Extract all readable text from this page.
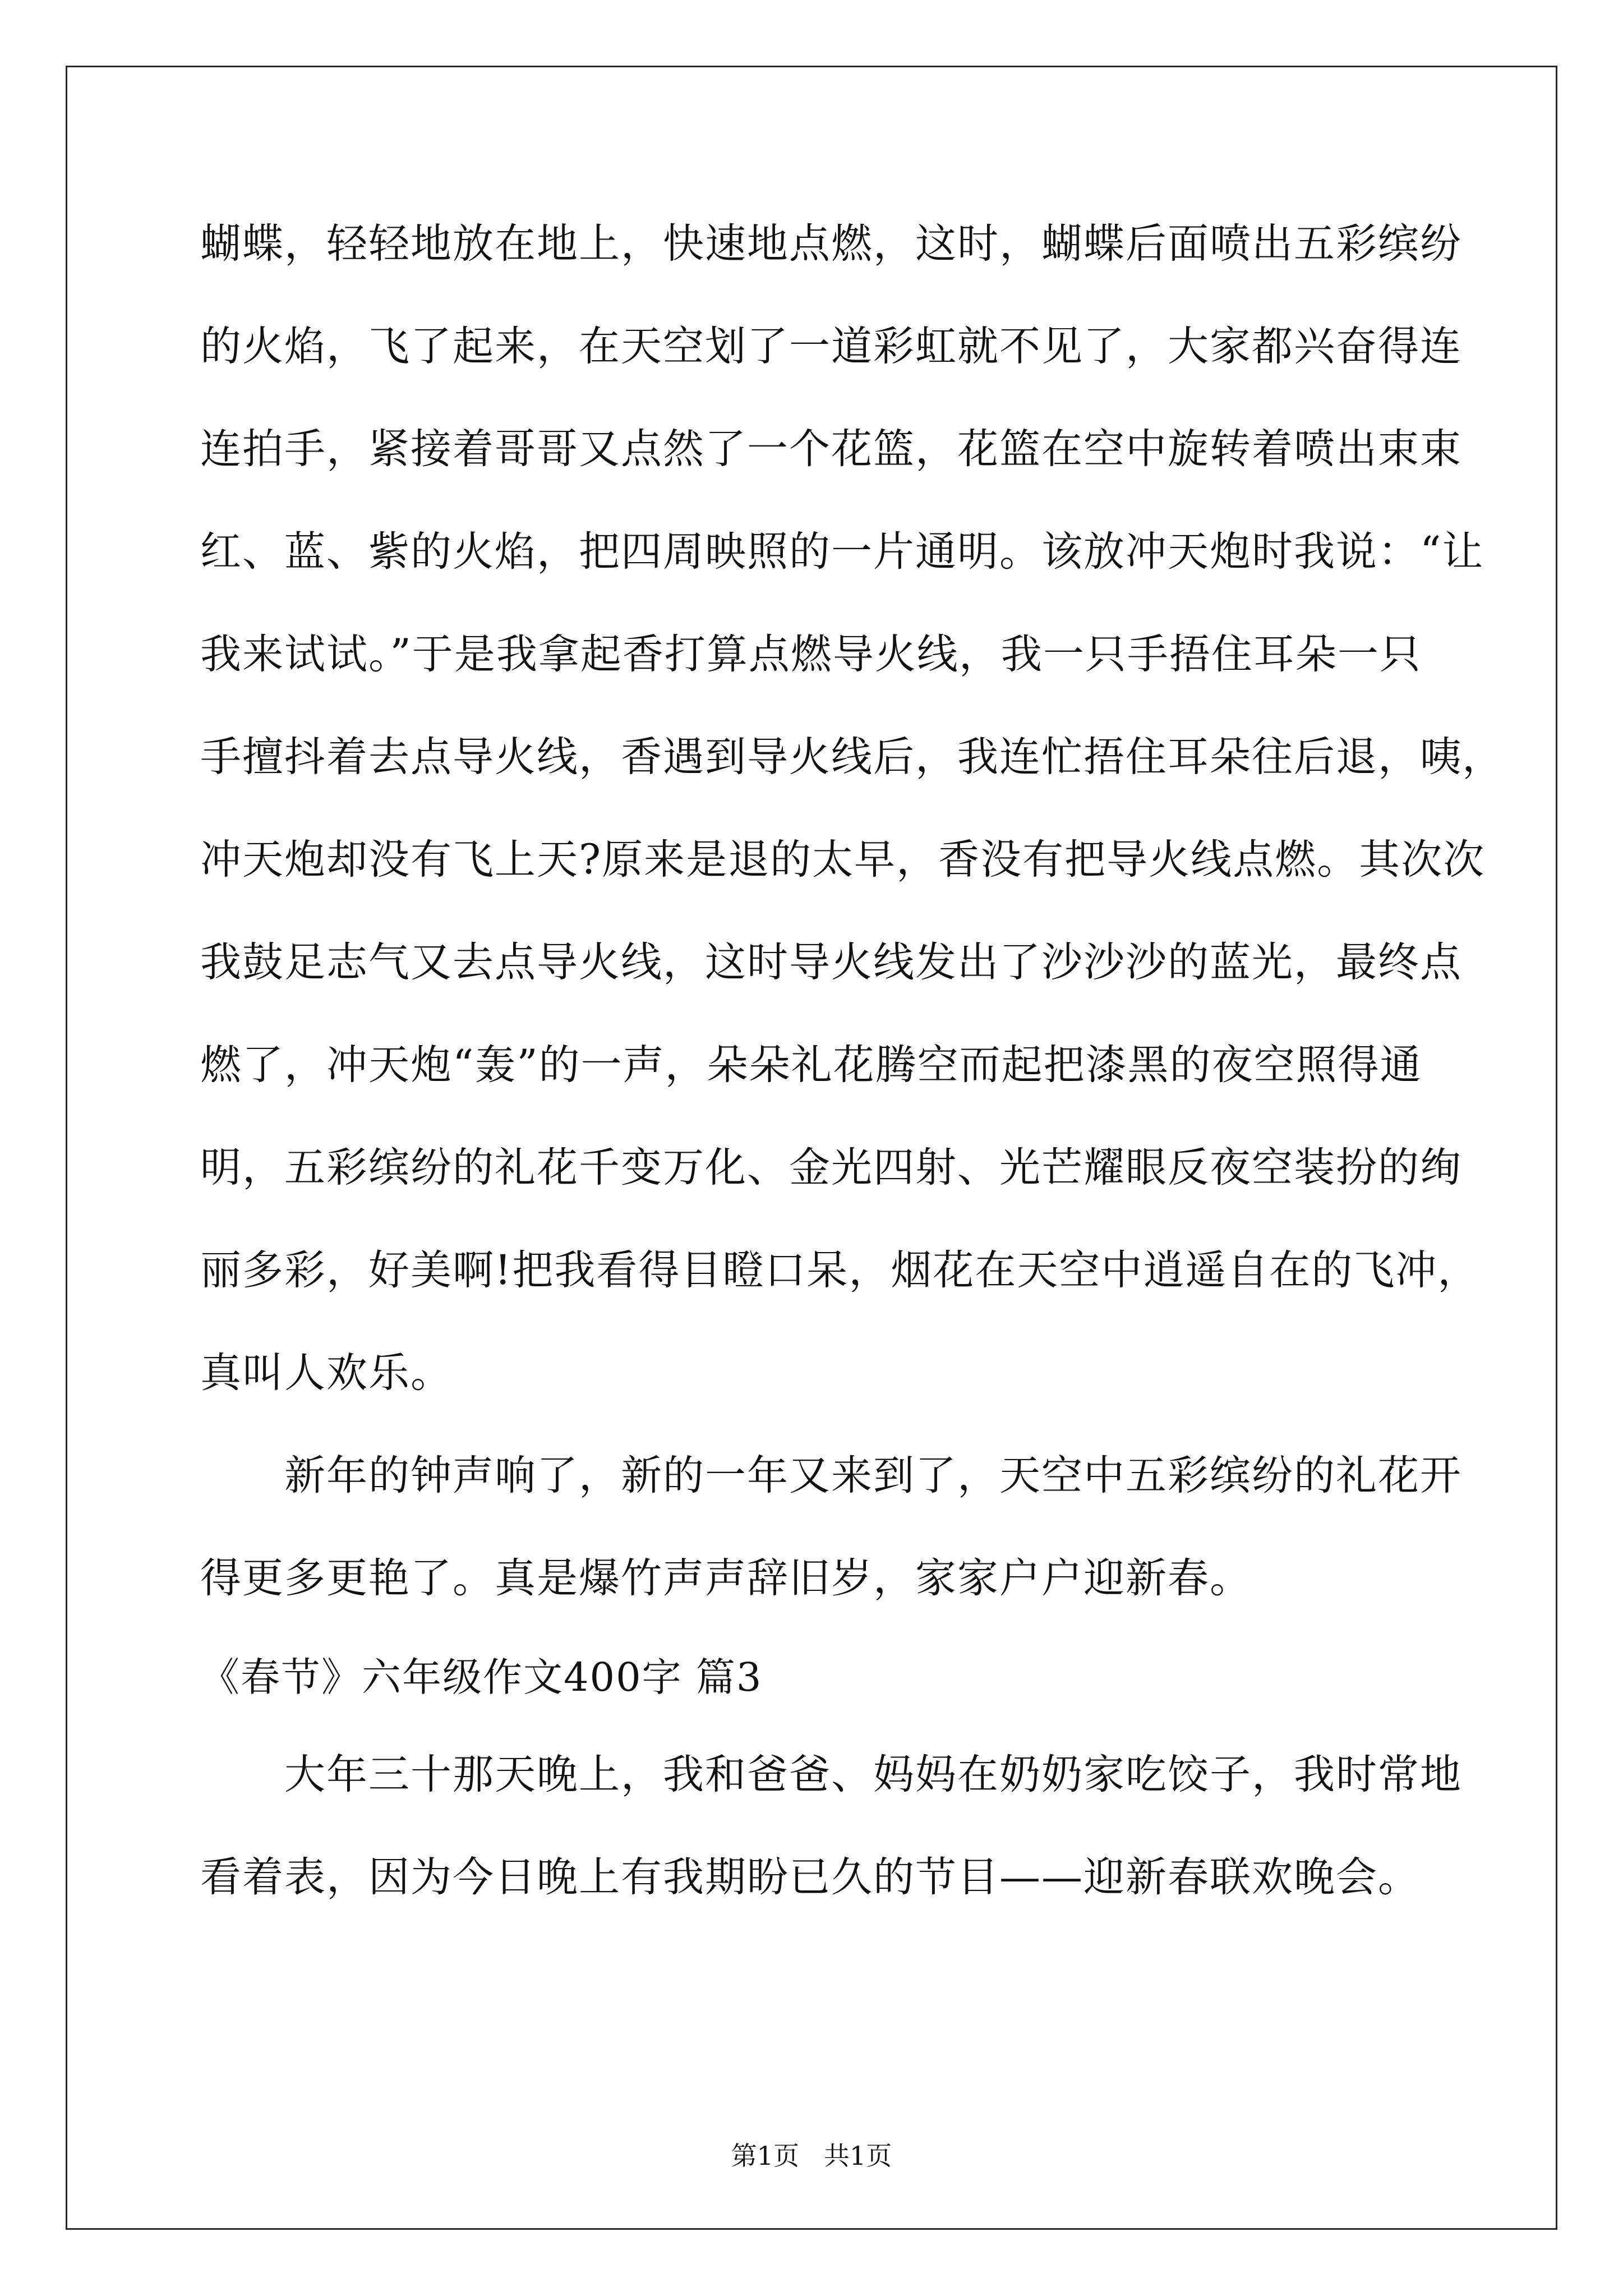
蝴蝶，轻轻地放在地上，快速地点燃，这时，蝴蝶后面喷出五彩缤纷
的火焰，飞了起来，在天空划了一道彩虹就不见了，大家都兴奋得连
连拍手，紧接着哥哥又点然了一个花篮，花篮在空中旋转着喷出束束
红、蓝、紫的火焰，把四周映照的一片通明。该放冲天炮时我说：“让
我来试试。”于是我拿起香打算点燃导火线，我一只手捂住耳朵一只
手擅抖着去点导火线，香遇到导火线后，我连忙捂住耳朵往后退，咦，
冲天炮却没有飞上天?原来是退的太早，香没有把导火线点燃。其次次
我鼓足志气又去点导火线，这时导火线发出了沙沙沙的蓝光，最终点
燃了，冲天炮“轰”的一声，朵朵礼花腾空而起把漆黑的夜空照得通
明，五彩缤纷的礼花千变万化、金光四射、光芒耀眼反夜空装扮的绚
丽多彩，好美啊!把我看得目瞪口呆，烟花在天空中逍遥自在的飞冲，
真叫人欢乐。
　　新年的钟声响了，新的一年又来到了，天空中五彩缤纷的礼花开
得更多更艳了。真是爆竹声声辞旧岁，家家户户迎新春。
《春节》六年级作文400字 篇3
　　大年三十那天晚上，我和爸爸、妈妈在奶奶家吃饺子，我时常地
看着表，因为今日晚上有我期盼已久的节目——迎新春联欢晚会。
第1页   共1页
